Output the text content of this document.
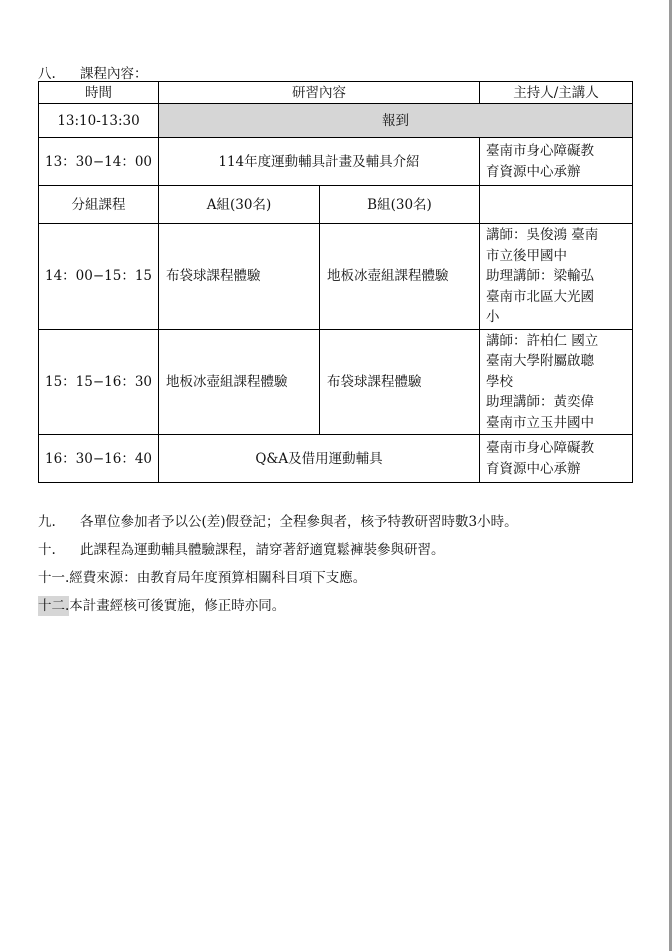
八. 課程內容：
時間	研習內容		主持人/主講人
13:10-13:30	報到		
13：30−14：00	114年度運動輔具計畫及輔具介紹		臺南市身心障礙教
育資源中心承辦

分組課程	A組(30名)	B組(30名)	
14：00−15：15	布袋球課程體驗	地板冰壺組課程體驗	講師：吳俊鴻 臺南
市立後甲國中
助理講師：梁輸弘
臺南市北區大光國
小

15：15−16：30	地板冰壺組課程體驗	布袋球課程體驗	講師：許柏仁 國立
臺南大學附屬啟聰
學校
助理講師：黃奕偉
臺南市立玉井國中

16：30−16：40	Q&A及借用運動輔具		臺南市身心障礙教
育資源中心承辦
九. 各單位參加者予以公(差)假登記；全程參與者，核予特教研習時數3小時。
十. 此課程為運動輔具體驗課程，請穿著舒適寬鬆褲裝參與研習。
十一.經費來源：由教育局年度預算相關科目項下支應。
十二.本計畫經核可後實施，修正時亦同。
